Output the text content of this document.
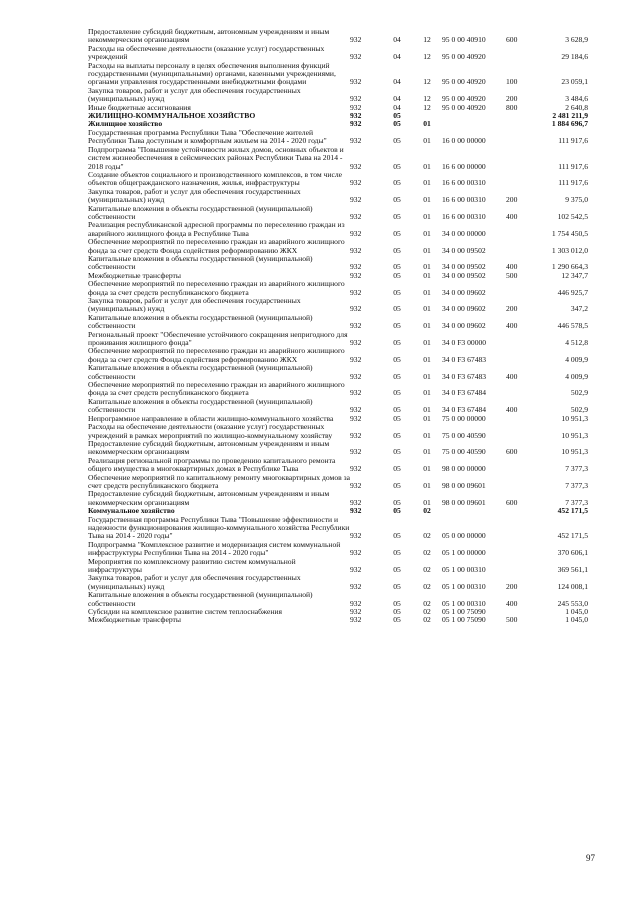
Предоставление субсидий бюджетным, автономным учреждениям и иным некоммерческим организациям	932	04	12	95 0 00 40910	600	3 628,9
Расходы на обеспечение деятельности (оказание услуг) государственных учреждений	932	04	12	95 0 00 40920		29 184,6
Расходы на выплаты персоналу в целях обеспечения выполнения функций государственными (муниципальными) органами, казенными учреждениями, органами управления государственными внебюджетными фондами	932	04	12	95 0 00 40920	100	23 059,1
Закупка товаров, работ и услуг для обеспечения государственных (муниципальных) нужд	932	04	12	95 0 00 40920	200	3 484,6
Иные бюджетные ассигнования	932	04	12	95 0 00 40920	800	2 640,8
ЖИЛИЩНО-КОММУНАЛЬНОЕ ХОЗЯЙСТВО	932	05				2 481 211,9
Жилищное хозяйство	932	05	01			1 884 696,7
Государственная программа Республики Тыва "Обеспечение жителей Республики Тыва доступным и комфортным жильем на 2014 - 2020 годы"	932	05	01	16 0 00 00000		111 917,6
Подпрограмма "Повышение устойчивости жилых домов, основных объектов и систем жизнеобеспечения в сейсмических районах Республики Тыва на 2014 - 2018 годы"	932	05	01	16 6 00 00000		111 917,6
Создание объектов социального и производственного комплексов, в том числе объектов общегражданского назначения, жилья, инфраструктуры	932	05	01	16 6 00 00310		111 917,6
Закупка товаров, работ и услуг для обеспечения государственных (муниципальных) нужд	932	05	01	16 6 00 00310	200	9 375,0
Капитальные вложения в объекты государственной (муниципальной) собственности	932	05	01	16 6 00 00310	400	102 542,5
Реализация республиканской адресной программы по переселению граждан из аварийного жилищного фонда в Республике Тыва	932	05	01	34 0 00 00000		1 754 450,5
Обеспечение мероприятий по переселению граждан из аварийного жилищного фонда за счет средств Фонда содействия реформированию ЖКХ	932	05	01	34 0 00 09502		1 303 012,0
Капитальные вложения в объекты государственной (муниципальной) собственности	932	05	01	34 0 00 09502	400	1 290 664,3
Межбюджетные трансферты	932	05	01	34 0 00 09502	500	12 347,7
Обеспечение мероприятий по переселению граждан из аварийного жилищного фонда за счет средств республиканского бюджета	932	05	01	34 0 00 09602		446 925,7
Закупка товаров, работ и услуг для обеспечения государственных (муниципальных) нужд	932	05	01	34 0 00 09602	200	347,2
Капитальные вложения в объекты государственной (муниципальной) собственности	932	05	01	34 0 00 09602	400	446 578,5
Региональный проект "Обеспечение устойчивого сокращения непригодного для проживания жилищного фонда"	932	05	01	34 0 F3 00000		4 512,8
Обеспечение мероприятий по переселению граждан из аварийного жилищного фонда за счет средств Фонда содействия реформированию ЖКХ	932	05	01	34 0 F3 67483		4 009,9
Капитальные вложения в объекты государственной (муниципальной) собственности	932	05	01	34 0 F3 67483	400	4 009,9
Обеспечение мероприятий по переселению граждан из аварийного жилищного фонда за счет средств республиканского бюджета	932	05	01	34 0 F3 67484		502,9
Капитальные вложения в объекты государственной (муниципальной) собственности	932	05	01	34 0 F3 67484	400	502,9
Непрограммное направление в области жилищно-коммунального хозяйства	932	05	01	75 0 00 00000		10 951,3
Расходы на обеспечение деятельности (оказание услуг) государственных учреждений в рамках мероприятий по жилищно-коммунальному хозяйству	932	05	01	75 0 00 40590		10 951,3
Предоставление субсидий бюджетным, автономным учреждениям и иным некоммерческим организациям	932	05	01	75 0 00 40590	600	10 951,3
Реализация региональной программы по проведению капитального ремонта общего имущества в многоквартирных домах в Республике Тыва	932	05	01	98 0 00 00000		7 377,3
Обеспечение мероприятий по капитальному ремонту многоквартирных домов за счет средств республиканского бюджета	932	05	01	98 0 00 09601		7 377,3
Предоставление субсидий бюджетным, автономным учреждениям и иным некоммерческим организациям	932	05	01	98 0 00 09601	600	7 377,3
Коммунальное хозяйство	932	05	02			452 171,5
Государственная программа Республики Тыва "Повышение эффективности и надежности функционирования жилищно-коммунального хозяйства Республики Тыва на 2014 - 2020 годы"	932	05	02	05 0 00 00000		452 171,5
Подпрограмма "Комплексное развитие и модернизация систем коммунальной инфраструктуры Республики Тыва на 2014 - 2020 годы"	932	05	02	05 1 00 00000		370 606,1
Мероприятия по комплексному развитию систем коммунальной инфраструктуры	932	05	02	05 1 00 00310		369 561,1
Закупка товаров, работ и услуг для обеспечения государственных (муниципальных) нужд	932	05	02	05 1 00 00310	200	124 008,1
Капитальные вложения в объекты государственной (муниципальной) собственности	932	05	02	05 1 00 00310	400	245 553,0
Субсидии на комплексное развитие систем теплоснабжения	932	05	02	05 1 00 75090		1 045,0
Межбюджетные трансферты	932	05	02	05 1 00 75090	500	1 045,0
97
